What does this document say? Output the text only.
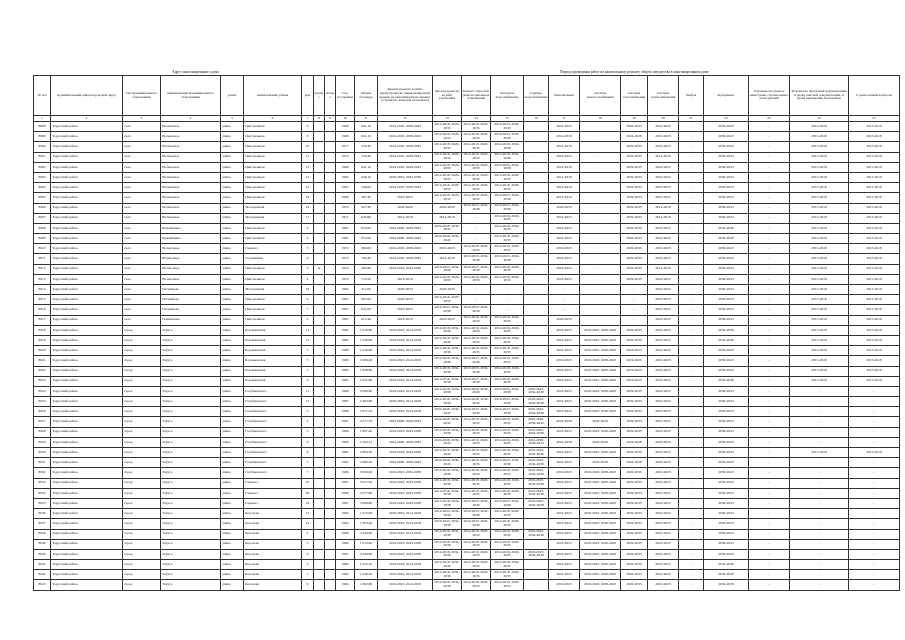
Адрес многоквартирного дома	Период проведения работ по капитальному ремонту общего имущества в многоквартирном доме
№ п/п	муниципальный район/городской округ	тип муниципального образования	наименование муниципального образования	улица	наименование улицы	дом	корпус	литера	Год постройки	Общая площадь	Крыша (ремонт и (или) переустройство невентилируемой крыши на вентилируемую крышу, устройство выходов на кровлю)	Фасады (ремонт и (или) утепление)	Ремонт отмостки (или) подвальных помещений	Холодное водоснабжение	Горячее водоснабжение	Канализация	Система электроснабжения	Система газоснабжения	Система теплоснабжения	Лифты	Фундамент	Усиление несущих и ненесущих строительных конструкций	Разработка проектной документации и (или) сметной документации, в (или) проведение экспертизы	Строительный контроль
1	2	3	4	5	6	7	8	9	10	11	12	13	14	15	16	17	18	19	20	21	22	23	24	25
8898	Тарусский район	село	Волковское	улица	Центральная	6			1969	641,10	2014-2018, 2039-2043	2014-2018, 2029-2033	2014-2018, 2029-2033	2019-2023, 2039-2043	-	2019-2023	-	2029-2033	2019-2023	-	2039-2043	-	2015-2018	2015-2018
8899	Тарусский район	село	Волковское	улица	Центральная	8			1968	641,10	2014-2018, 2039-2043	2014-2018, 2029-2033	2014-2018, 2029-2033	2019-2023, 2034-2038	-	2014-2018	-	2024-2028	2019-2023	-	2039-2043	-	2015-2018	2015-2018
8900	Тарусский район	село	Волковское	улица	Центральная	10			1977	516,30	2014-2018, 2039-2043	2014-2018, 2029-2033	2014-2018, 2029-2033	2014-2018, 2034-2038	-	2014-2018	-	2029-2033	2019-2023	-	2039-2043	-	2015-2018	2015-2018
8901	Тарусский район	село	Волковское	улица	Центральная	11			1979	516,30	2014-2018, 2039-2043	2014-2018, 2029-2033	2014-2018, 2029-2033	2014-2018, 2034-2038	-	2019-2023	-	2029-2033	2014-2018	-	2039-2043	-	2015-2018	2015-2018
8902	Тарусский район	село	Волковское	улица	Центральная	13			1986	641,10	2014-2018, 2039-2043	2014-2018, 2029-2033	2014-2018, 2029-2033	2019-2023, 2034-2038	-	2014-2018	-	2029-2033	2019-2023	-	2039-2043	-	2015-2018	2015-2018
8903	Тарусский район	село	Волковское	улица	Центральная	14			1994	646,10	2019-2023, 2034-2038	2014-2018, 2029-2033	2014-2018, 2029-2033	2014-2018, 2029-2033	-	2014-2018	-	2029-2033	2019-2023	-	2039-2043	-	2015-2018	2015-2018
8904	Тарусский район	село	Волковское	улица	Центральная	15			1965	546,00	2014-2018, 2039-2043	2014-2018, 2029-2033	2014-2018, 2029-2033	2014-2018, 2029-2033	-	2014-2018	-	2029-2033	2019-2023	-	2039-2043	-	2015-2018	2015-2018
8905	Тарусский район	село	Волковское	улица	Центральная	16			1986	367,40	2019-2023	2014-2018, 2029-2033	2014-2018, 2029-2033	2019-2023, 2034-2038	-	2014-2018	-	2029-2033	2019-2023	-	2039-2043	-	2015-2018	2015-2018
8906	Тарусский район	село	Волковское	улица	Молодежная	19			1970	927,30	2024-2028	2024-2028	2019-2023, 2034-2038	2019-2023, 2034-2038	-	2029-2033	-	2029-2033	2014-2018	-	2039-2043	-	2015-2018	2015-2018
8907	Тарусский район	село	Волковское	улица	Молодежная	17			1971	644,90	2014-2018	2014-2018	-	2014-2018, 2029-2033	-	2019-2023	-	2029-2033	2014-2018	-	2039-2043	-	2015-2018	2015-2018
8908	Тарусский район	село	Кузьмищево	улица	Центральная	2			1981	872,00	2024-2028, 2039-2043	2024-2028, 2039-2043	-	2014-2018, 2029-2033	-	2019-2023	-	2029-2033	2019-2023	-	2034-2038	-	2015-2018	2015-2018
8909	Тарусский район	село	Кузьмищево	улица	Центральная	4			1981	872,00	2024-2028, 2039-2043	2024-2028, 2039-2043	-	2014-2018, 2029-2033	-	2019-2023	-	2029-2033	2019-2023	-	2034-2038	-	2015-2018	2015-2018
8910	Тарусский район	село	Вознесенье	улица	Горького	3			1972	360,00	2014-2018, 2039-2043	2019-2023	2014-2018, 2029-2033	2014-2018, 2029-2033	-	2019-2023	-	2029-2033	2019-2023	-	2039-2043	-	2015-2018	2015-2018
8911	Тарусский район	село	Вознесенье	улица	Спортивная	6			1973	784,30	2014-2018, 2039-2043	2014-2018	2019-2023, 2034-2038	2019-2023, 2034-2038	-	2019-2023	-	2029-2033	2019-2023	-	2039-2043	-	2015-2018	2015-2018
8912	Тарусский район	село	Вознесенье	улица	Центральная	3	А		1974	402,80	2019-2023, 2034-2038	2019-2023, 2034-2038	2019-2023, 2034-2038	2014-2018, 2029-2033	-	2019-2023	-	2029-2033	2014-2018	-	2039-2043	-	2015-2018	2015-2018
8913	Тарусский район	село	Вознесенье	улица	Центральная	4			1974	714,50	2014-2018	2014-2018, 2029-2033	2014-2018, 2029-2033	2014-2018, 2029-2033	-	2019-2023	-	2029-2033	2019-2023	-	2039-2043	-	2015-2018	2015-2018
8914	Тарусский район	село	Петрищево	улица	Молодежная	18			1964	312,00	2029-2033	2029-2033	-	-	-	-	-	-	2019-2023	-	2039-2043	-	2015-2018	2015-2018
8915	Тарусский район	село	Петрищево	улица	Центральная	6			1967	607,00	2029-2033	2014-2018, 2029-2033	-	-	-	-	-	-	2019-2023	-	2039-2043	-	2015-2018	2015-2018
8916	Тарусский район	село	Петрищево	улица	Центральная	7			1967	641,00	2019-2023	2019-2023, 2034-2038	2019-2023, 2034-2038	-	-	-	-	-	2019-2023	-	2039-2043	-	2015-2018	2015-2018
8917	Тарусский район	село	Похвиснево	улица	Центральная	2			1987	611,40	2014-2018	2019-2023	2014-2018, 2039-2043	2014-2018, 2029-2033	-	2029-2033	-	-	2019-2023	-	2039-2043	-	2015-2018	2015-2018
8918	Тарусский район	город	Таруса	улица	Боровковская	11			1982	1 010,60	2019-2023, 2014-2018	2014-2018, 2034-2038	2014-2018, 2024-2028	2014-2018, 2029-2033	-	2019-2023	2019-2023, 2039-2043	2029-2033	2019-2023	-	2034-2038	-	2015-2018	2015-2018
8919	Тарусский район	город	Таруса	улица	Боровковская	12			1982	1 026,00	2019-2023, 2014-2018	2014-2018, 2034-2038	2014-2018, 2029-2033	2014-2018, 2029-2033	-	2019-2023	2019-2023, 2039-2043	2029-2033	2019-2023	-	2034-2038	-	2015-2018	2015-2018
8920	Тарусский район	город	Таруса	улица	Боровковская	3			1980	1 016,00	2019-2023, 2014-2018	2014-2018, 2034-2038	2014-2018, 2029-2033	2014-2018, 2029-2033	-	2019-2023	2019-2023, 2039-2043	2019-2023	2019-2023	-	2039-2043	-	2015-2018	2015-2018
8921	Тарусский район	город	Таруса	улица	Боровковская	5			1980	1 006,20	2019-2023, 2014-2018	2014-2018, 2034-2038	2019-2023, 2034-2038	2014-2018, 2029-2033	-	2019-2023	2019-2023, 2039-2043	2019-2023	2019-2023	-	2039-2043	-	2015-2018	2015-2018
8922	Тарусский район	город	Таруса	улица	Боровковская	7			1980	1 028,60	2019-2023, 2014-2018	2014-2018, 2034-2038	2019-2023, 2034-2038	2014-2018, 2029-2033	-	2019-2023	2019-2023, 2039-2043	2019-2023	2019-2023	-	2039-2043	-	2015-2018	2015-2018
8923	Тарусский район	город	Таруса	улица	Боровковская	9			1983	1 021,60	2019-2023, 2014-2018	2014-2018, 2034-2038	2019-2023, 2034-2038	2014-2018, 2029-2033	-	2019-2023	2019-2023, 2039-2043	2019-2023	2019-2023	-	2034-2038	-	2015-2018	2015-2018
8924	Тарусский район	город	Таруса	улица	Голубковского	11			1986	2 006,90	2019-2023, 2014-2018	2014-2018, 2034-2038	2024-2028, 2039-2043	2019-2023, 2034-2038	2019-2023, 2034-2038	2019-2023	2019-2023, 2039-2043	2029-2033	2019-2023	-	2039-2043	-	-	-
8925	Тарусский район	город	Таруса	улица	Голубковского	13			1987	2 463,90	2019-2023, 2014-2018	2014-2018, 2034-2038	2024-2028, 2039-2043	2019-2023, 2034-2038	2019-2023, 2034-2038	2019-2023	2019-2023, 2039-2043	2029-2033	2019-2023	-	2039-2043	-	-	-
8926	Тарусский район	город	Таруса	улица	Голубковского	3			1986	2 071,10	2019-2023, 2014-2018	2024-2028, 2039-2043	2019-2023, 2034-2038	2019-2023, 2034-2038	2019-2023, 2034-2038	2019-2023	2019-2023, 2039-2043	2029-2033	2019-2023	-	2039-2043	-	-	-
8927	Тарусский район	город	Таруса	улица	Голубковского	4			1991	4 277,70	2024-2028, 2039-2043	2024-2028, 2039-2043	2014-2018, 2029-2033	2014-2018, 2029-2033	2024-2028, 2039-2043	2024-2028	2024-2028	2029-2033	2019-2023	-	2039-2043	-	-	-
8928	Тарусский район	город	Таруса	улица	Голубковского	5			1986	1 897,40	2019-2023, 2034-2038	2014-2018, 2034-2038	2014-2018, 2029-2033	2014-2018, 2029-2033	2019-2023, 2034-2038	2019-2023	2019-2023, 2039-2043	2029-2033	2019-2023	-	2039-2043	-	-	-
8929	Тарусский район	город	Таруса	улица	Голубковского	6			1990	3 162,12	2024-2028, 2039-2043	2024-2028, 2039-2043	2014-2018, 2029-2033	2014-2018, 2029-2033	2024-2028, 2039-2043	2024-2028	2024-2028	2024-2028	2029-2033	-	2039-2043	-	-	-
8930	Тарусский район	город	Таруса	улица	Голубковского	8			1985	2 884,50	2019-2023, 2034-2038	2014-2018, 2039-2043	2014-2018, 2029-2033	2014-2018, 2029-2033	2019-2023, 2034-2038	2019-2023	2019-2023, 2039-2043	2029-2033	2019-2023	-	2039-2043	-	2015-2018	2015-2018
8931	Тарусский район	город	Таруса	улица	Голубковского	3			1994	2 666,40	2024-2028, 2039-2043	2024-2028, 2039-2043	2014-2018, 2029-2033	2019-2023, 2034-2038	2019-2023, 2034-2038	2019-2023	2024-2028	2024-2028	2029-2033	-	2039-2043	-	-	-
8932	Тарусский район	город	Таруса	улица	Голубковского	7			1986	3 050,60	2019-2023, 2034-2038	2014-2018, 2034-2038	2014-2018, 2029-2033	2014-2018, 2029-2033	2019-2023, 2034-2038	2019-2023	2019-2023, 2039-2043	2029-2033	2019-2023	-	2039-2043	-	-	-
8933	Тарусский район	город	Таруса	улица	Горького	10			1987	3 017,50	2019-2023, 2034-2038	2014-2018, 2034-2038	2014-2018, 2029-2033	2014-2018, 2029-2033	2019-2023, 2034-2038	2019-2023	2019-2023, 2039-2043	2029-2033	2019-2023	-	2039-2043	-	-	-
8934	Тарусский район	город	Таруса	улица	Горького	20			1988	3 077,60	2019-2023, 2034-2038	2014-2018, 2034-2038	2014-2018, 2029-2033	2014-2018, 2029-2033	2019-2023, 2034-2038	2019-2023	2019-2023, 2039-2043	2029-2033	2019-2023	-	2039-2043	-	-	-
8935	Тарусский район	город	Таруса	улица	Горького	22			1987	3 096,80	2019-2023, 2034-2038	2014-2018, 2034-2038	2019-2023, 2034-2038	2019-2023, 2034-2038	2019-2023, 2034-2038	2019-2023	2019-2023, 2039-2043	2029-2033	2019-2023	-	2039-2043	-	-	-
8936	Тарусский район	город	Таруса	улица	Королева	13			1994	1 072,00	2019-2023, 2014-2018	2019-2023, 2034-2038	2019-2023, 2034-2038	2014-2018, 2029-2033	-	2019-2023	2019-2023, 2039-2043	2029-2033	2019-2023	-	2039-2043	-	-	-
8937	Тарусский район	город	Таруса	улица	Королева	14			1994	1 003,40	2019-2023, 2014-2018	2019-2023, 2034-2038	2019-2023, 2034-2038	2014-2018, 2029-2033	-	2019-2023	2019-2023, 2039-2043	2029-2033	2019-2023	-	2039-2043	-	-	-
8938	Тарусский район	город	Таруса	улица	Королева	2			1988	3 239,80	2019-2023, 2014-2018	2014-2018, 2034-2038	2014-2018, 2029-2033	2014-2018, 2029-2033	2019-2023, 2034-2038	2019-2023	2019-2023, 2039-2043	2029-2033	2019-2023	-	2039-2043	-	-	-
8939	Тарусский район	город	Таруса	улица	Королева	3			1984	1 013,90	2019-2023, 2034-2038	2014-2018, 2034-2038	2014-2018, 2029-2033	2014-2018, 2029-2033	-	2019-2023	2019-2023, 2039-2043	2029-2033	2019-2023	-	2039-2043	-	-	-
8940	Тарусский район	город	Таруса	улица	Королева	6			1987	4 530,00	2019-2023, 2034-2038	2014-2018, 2034-2038	2014-2018, 2029-2033	2014-2018, 2029-2033	2019-2023, 2034-2038	2019-2023	2019-2023, 2039-2043	2029-2033	2019-2023	-	2039-2043	-	-	-
8941	Тарусский район	город	Таруса	улица	Королева	5			1984	1 022,10	2019-2023, 2014-2018	2014-2018, 2034-2038	2014-2018, 2029-2033	2014-2018, 2029-2033	-	2019-2023	2019-2023, 2039-2043	2029-2033	2019-2023	-	2034-2038	-	-	-
8942	Тарусский район	город	Таруса	улица	Королева	7			1984	1 030,40	2019-2023, 2014-2018	2014-2018, 2034-2038	2014-2018, 2029-2033	2014-2018, 2029-2033	-	2019-2023	2019-2023, 2039-2043	2029-2033	2019-2023	-	2034-2038	-	-	-
8943	Тарусский район	город	Таруса	улица	Королева	9			1984	1 682,80	2019-2023, 2014-2018	2014-2018, 2034-2038	2014-2018, 2029-2033	2014-2018, 2029-2033	-	2019-2023	2019-2023, 2039-2043	2029-2033	2019-2023	-	2034-2038	-	-	-
·
·
·	·
·
